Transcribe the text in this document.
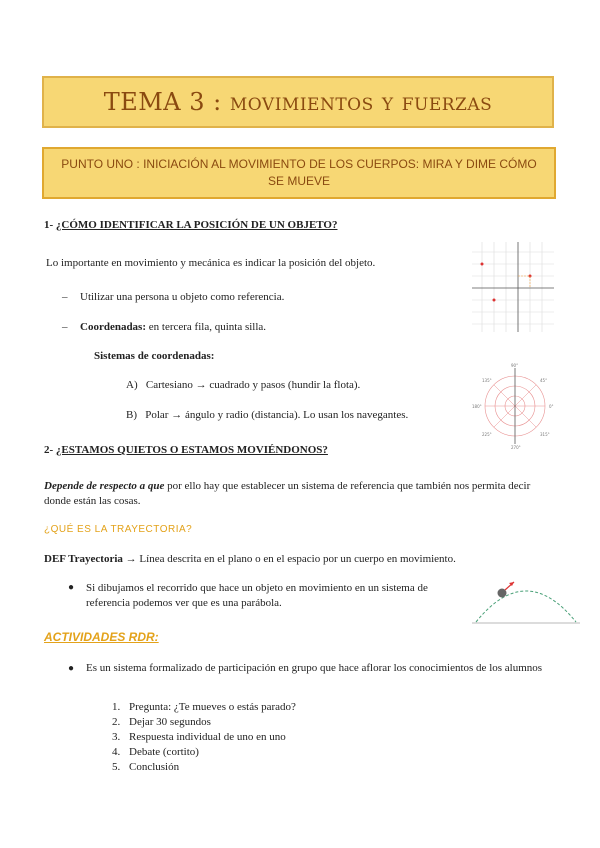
TEMA 3 : movimientos y fuerzas
PUNTO UNO : INICIACIÓN AL MOVIMIENTO DE LOS CUERPOS: MIRA Y DIME CÓMO SE MUEVE
1- ¿CÓMO IDENTIFICAR LA POSICIÓN DE UN OBJETO?
Lo importante en movimiento y mecánica es indicar la posición del objeto.
– Utilizar una persona u objeto como referencia.
– Coordenadas: en tercera fila, quinta silla.
Sistemas de coordenadas:
90°
270°
180°	0°
135°	45°
225°	315°
A) Cartesiano → cuadrado y pasos (hundir la flota).
B) Polar → ángulo y radio (distancia). Lo usan los navegantes.
2- ¿ESTAMOS QUIETOS O ESTAMOS MOVIÉNDONOS?
Depende de respecto a que por ello hay que establecer un sistema de referencia que también nos permita decir donde están las cosas.
¿QUÉ ES LA TRAYECTORIA?
DEF Trayectoria → Línea descrita en el plano o en el espacio por un cuerpo en movimiento.
● Si dibujamos el recorrido que hace un objeto en movimiento en un sistema de referencia podemos ver que es una parábola.
ACTIVIDADES RDR:
● Es un sistema formalizado de participación en grupo que hace aflorar los conocimientos de los alumnos
1. Pregunta: ¿Te mueves o estás parado?
2. Dejar 30 segundos
3. Respuesta individual de uno en uno
4. Debate (cortito)
5. Conclusión
